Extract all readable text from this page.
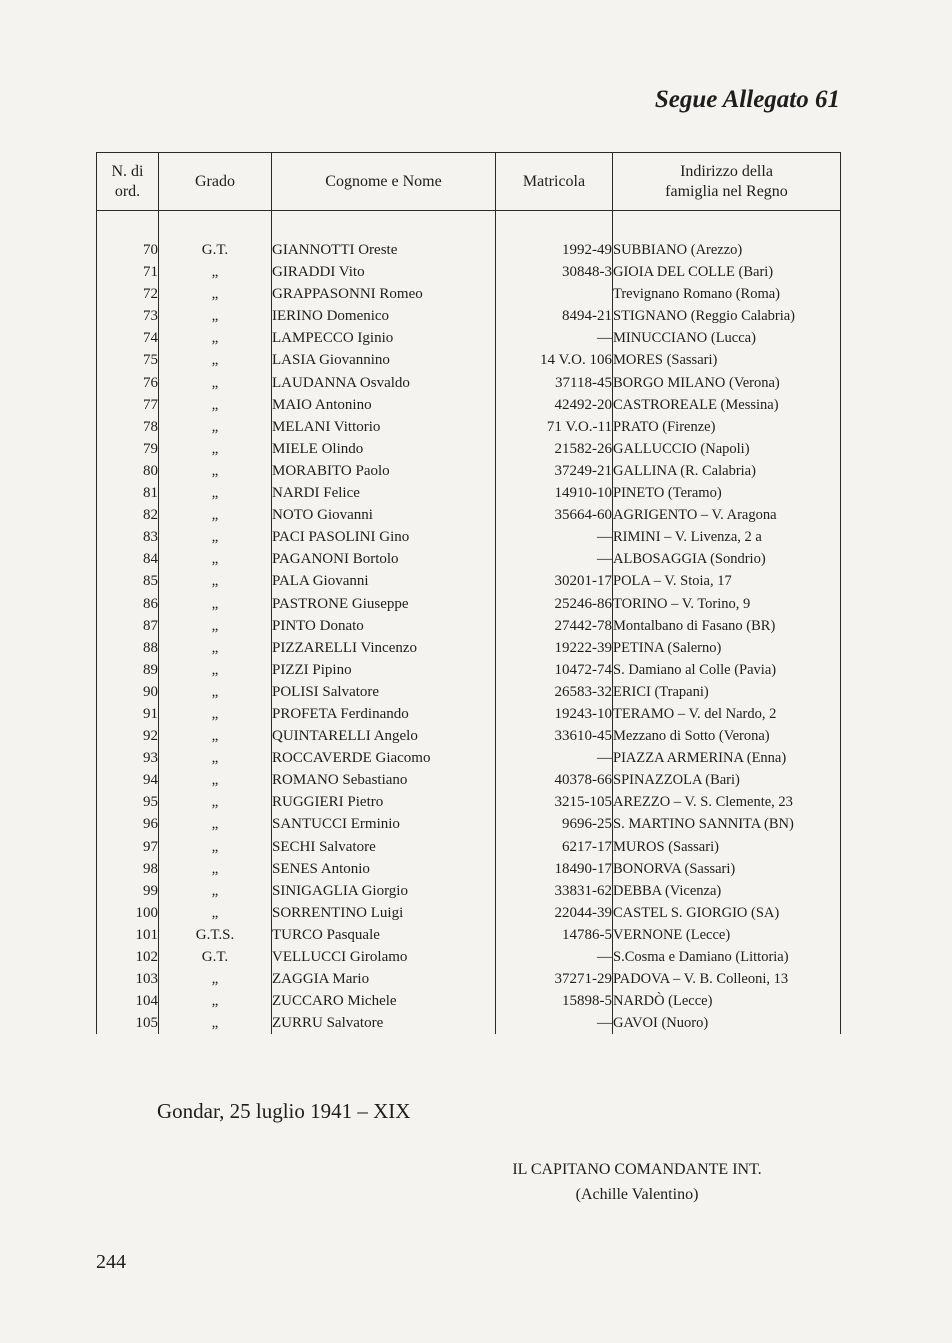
Segue Allegato 61
N. di
ord.	Grado	Cognome e Nome	Matricola	Indirizzo della
famiglia nel Regno

70	G.T.	GIANNOTTI Oreste	1992-49	SUBBIANO (Arezzo)
71	„	GIRADDI Vito	30848-3	GIOIA DEL COLLE (Bari)
72	„	GRAPPASONNI Romeo		Trevignano Romano (Roma)
73	„	IERINO Domenico	8494-21	STIGNANO (Reggio Calabria)
74	„	LAMPECCO Iginio	—	MINUCCIANO (Lucca)
75	„	LASIA Giovannino	14 V.O. 106	MORES (Sassari)
76	„	LAUDANNA Osvaldo	37118-45	BORGO MILANO (Verona)
77	„	MAIO Antonino	42492-20	CASTROREALE (Messina)
78	„	MELANI Vittorio	71 V.O.-11	PRATO (Firenze)
79	„	MIELE Olindo	21582-26	GALLUCCIO (Napoli)
80	„	MORABITO Paolo	37249-21	GALLINA (R. Calabria)
81	„	NARDI Felice	14910-10	PINETO (Teramo)
82	„	NOTO Giovanni	35664-60	AGRIGENTO – V. Aragona
83	„	PACI PASOLINI Gino	—	RIMINI – V. Livenza, 2 a
84	„	PAGANONI Bortolo	—	ALBOSAGGIA (Sondrio)
85	„	PALA Giovanni	30201-17	POLA – V. Stoia, 17
86	„	PASTRONE Giuseppe	25246-86	TORINO – V. Torino, 9
87	„	PINTO Donato	27442-78	Montalbano di Fasano (BR)
88	„	PIZZARELLI Vincenzo	19222-39	PETINA (Salerno)
89	„	PIZZI Pipino	10472-74	S. Damiano al Colle (Pavia)
90	„	POLISI Salvatore	26583-32	ERICI (Trapani)
91	„	PROFETA Ferdinando	19243-10	TERAMO – V. del Nardo, 2
92	„	QUINTARELLI Angelo	33610-45	Mezzano di Sotto (Verona)
93	„	ROCCAVERDE Giacomo	—	PIAZZA ARMERINA (Enna)
94	„	ROMANO Sebastiano	40378-66	SPINAZZOLA (Bari)
95	„	RUGGIERI Pietro	3215-105	AREZZO – V. S. Clemente, 23
96	„	SANTUCCI Erminio	9696-25	S. MARTINO SANNITA (BN)
97	„	SECHI Salvatore	6217-17	MUROS (Sassari)
98	„	SENES Antonio	18490-17	BONORVA (Sassari)
99	„	SINIGAGLIA Giorgio	33831-62	DEBBA (Vicenza)
100	„	SORRENTINO Luigi	22044-39	CASTEL S. GIORGIO (SA)
101	G.T.S.	TURCO Pasquale	14786-5	VERNONE (Lecce)
102	G.T.	VELLUCCI Girolamo	—	S.Cosma e Damiano (Littoria)
103	„	ZAGGIA Mario	37271-29	PADOVA – V. B. Colleoni, 13
104	„	ZUCCARO Michele	15898-5	NARDÒ (Lecce)
105	„	ZURRU Salvatore	—	GAVOI (Nuoro)
Gondar, 25 luglio 1941 – XIX
IL CAPITANO COMANDANTE INT.
(Achille Valentino)
244
